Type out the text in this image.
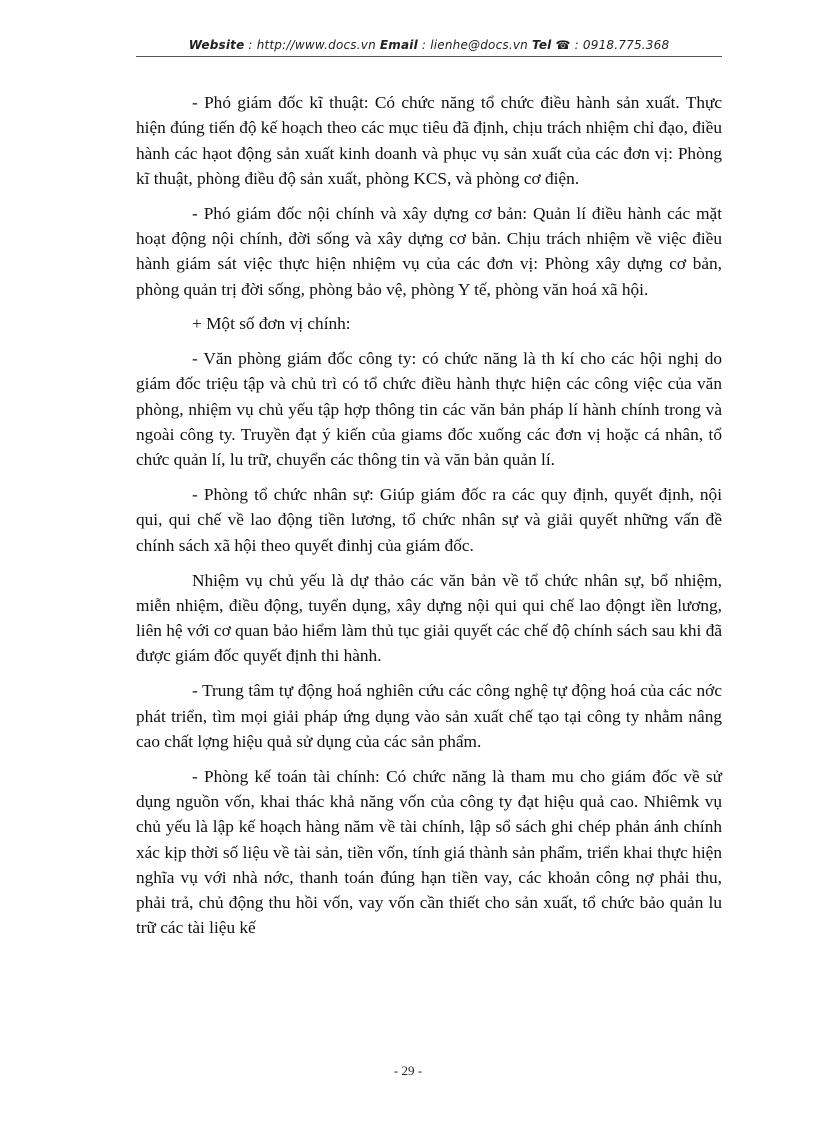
Website : http://www.docs.vn Email : lienhe@docs.vn Tel ☎ : 0918.775.368

- Phó giám đốc kĩ thuật: Có chức năng tổ chức điều hành sản xuất. Thực hiện đúng tiến độ kế hoạch theo các mục tiêu đã định, chịu trách nhiệm chỉ đạo, điều hành các hạot động sản xuất kinh doanh và phục vụ sản xuất của các đơn vị: Phòng kĩ thuật, phòng điều độ sản xuất, phòng KCS, và phòng cơ điện.

- Phó giám đốc nội chính và xây dựng cơ bản: Quản lí điều hành các mặt hoạt động nội chính, đời sống và xây dựng cơ bản. Chịu trách nhiệm về việc điều hành giám sát việc thực hiện nhiệm vụ của các đơn vị: Phòng xây dựng cơ bản, phòng quản trị đời sống, phòng bảo vệ, phòng Y tế, phòng văn hoá xã hội.

+ Một số đơn vị chính:

- Văn phòng giám đốc công ty: có chức năng là th kí cho các hội nghị do giám đốc triệu tập và chủ trì có tổ chức điều hành thực hiện các công việc của văn phòng, nhiệm vụ chủ yếu tập hợp thông tin các văn bản pháp lí hành chính trong và ngoài công ty. Truyền đạt ý kiến của giams đốc xuống các đơn vị hoặc cá nhân, tổ chức quản lí, lu trữ, chuyển các thông tin và văn bản quản lí.

- Phòng tổ chức nhân sự: Giúp giám đốc ra các quy định, quyết định, nội qui, qui chế về lao động tiền lương, tổ chức nhân sự và giải quyết những vấn đề chính sách xã hội theo quyết đinhj của giám đốc.

Nhiệm vụ chủ yếu là dự thảo các văn bản về tổ chức nhân sự, bổ nhiệm, miễn nhiệm, điều động, tuyển dụng, xây dựng nội qui qui chế lao độngt iền lương, liên hệ với cơ quan bảo hiểm làm thủ tục giải quyết các chế độ chính sách sau khi đã được giám đốc quyết định thi hành.

- Trung tâm tự động hoá nghiên cứu các công nghệ tự động hoá của các nớc phát triển, tìm mọi giải pháp ứng dụng vào sản xuất chế tạo tại công ty nhằm nâng cao chất lợng hiệu quả sử dụng của các sản phẩm.

- Phòng kế toán tài chính: Có chức năng là tham mu cho giám đốc về sử dụng nguồn vốn, khai thác khả năng vốn của công ty đạt hiệu quả cao. Nhiêmk vụ chủ yếu là lập kế hoạch hàng năm về tài chính, lập sổ sách ghi chép phản ánh chính xác kịp thời số liệu về tài sản, tiền vốn, tính giá thành sản phẩm, triển khai thực hiện nghĩa vụ với nhà nớc, thanh toán đúng hạn tiền vay, các khoản công nợ phải thu, phải trả, chủ động thu hồi vốn, vay vốn cần thiết cho sản xuất, tổ chức bảo quản lu trữ các tài liệu kế

- 29 -
